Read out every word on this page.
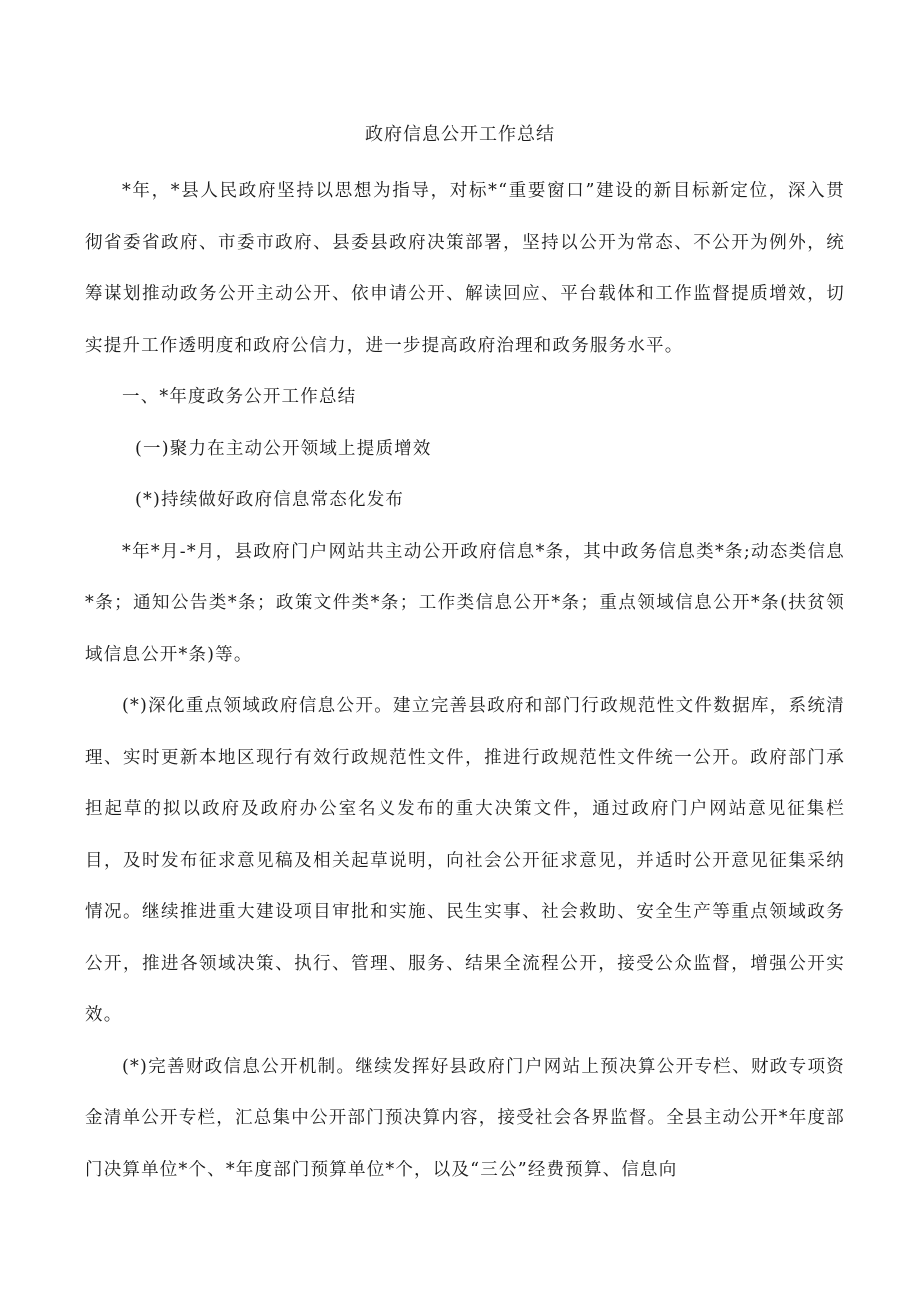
政府信息公开工作总结

*年，*县人民政府坚持以思想为指导，对标*“重要窗口”建设的新目标新定位，深入贯彻省委省政府、市委市政府、县委县政府决策部署，坚持以公开为常态、不公开为例外，统筹谋划推动政务公开主动公开、依申请公开、解读回应、平台载体和工作监督提质增效，切实提升工作透明度和政府公信力，进一步提高政府治理和政务服务水平。

一、*年度政务公开工作总结

(一)聚力在主动公开领域上提质增效

(*)持续做好政府信息常态化发布

*年*月-*月，县政府门户网站共主动公开政府信息*条，其中政务信息类*条;动态类信息*条；通知公告类*条；政策文件类*条；工作类信息公开*条；重点领域信息公开*条(扶贫领域信息公开*条)等。

(*)深化重点领域政府信息公开。建立完善县政府和部门行政规范性文件数据库，系统清理、实时更新本地区现行有效行政规范性文件，推进行政规范性文件统一公开。政府部门承担起草的拟以政府及政府办公室名义发布的重大决策文件，通过政府门户网站意见征集栏目，及时发布征求意见稿及相关起草说明，向社会公开征求意见，并适时公开意见征集采纳情况。继续推进重大建设项目审批和实施、民生实事、社会救助、安全生产等重点领域政务公开，推进各领域决策、执行、管理、服务、结果全流程公开，接受公众监督，增强公开实效。

(*)完善财政信息公开机制。继续发挥好县政府门户网站上预决算公开专栏、财政专项资金清单公开专栏，汇总集中公开部门预决算内容，接受社会各界监督。全县主动公开*年度部门决算单位*个、*年度部门预算单位*个，以及“三公”经费预算、信息向
